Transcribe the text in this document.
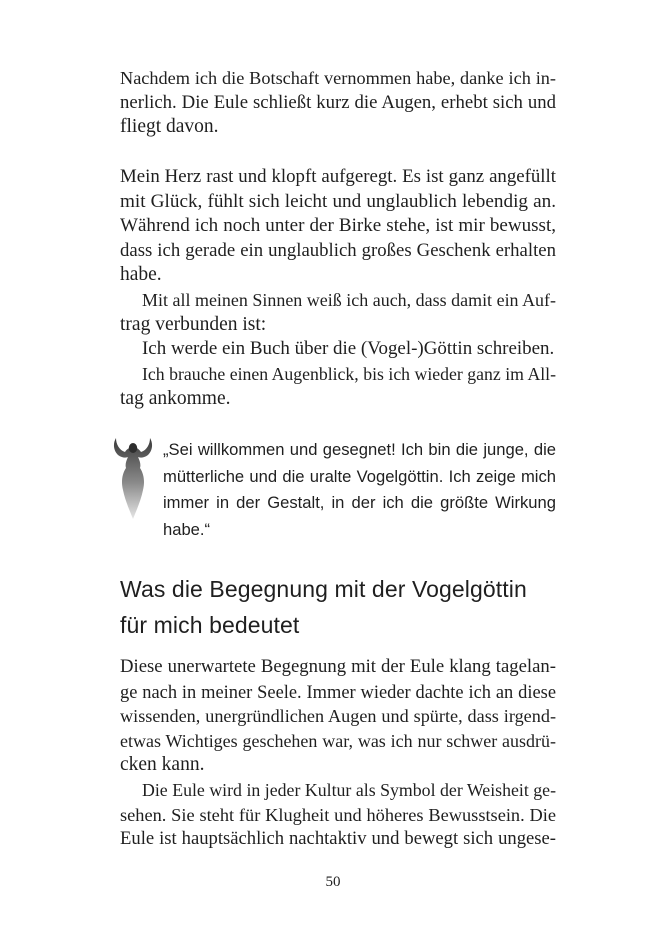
Nachdem ich die Botschaft vernommen habe, danke ich in-
nerlich. Die Eule schließt kurz die Augen, erhebt sich und
fliegt davon.
Mein Herz rast und klopft aufgeregt. Es ist ganz angefüllt
mit Glück, fühlt sich leicht und unglaublich lebendig an.
Während ich noch unter der Birke stehe, ist mir bewusst,
dass ich gerade ein unglaublich großes Geschenk erhalten
habe.
Mit all meinen Sinnen weiß ich auch, dass damit ein Auf-
trag verbunden ist:
Ich werde ein Buch über die (Vogel-)Göttin schreiben.
Ich brauche einen Augenblick, bis ich wieder ganz im All-
tag ankomme.
„Sei willkommen und gesegnet! Ich bin die junge, die
mütterliche und die uralte Vogelgöttin. Ich zeige mich
immer in der Gestalt, in der ich die größte Wirkung
habe.“
Was die Begegnung mit der Vogelgöttin
für mich bedeutet
Diese unerwartete Begegnung mit der Eule klang tagelan-
ge nach in meiner Seele. Immer wieder dachte ich an diese
wissenden, unergründlichen Augen und spürte, dass irgend-
etwas Wichtiges geschehen war, was ich nur schwer ausdrü-
cken kann.
Die Eule wird in jeder Kultur als Symbol der Weisheit ge-
sehen. Sie steht für Klugheit und höheres Bewusstsein. Die
Eule ist hauptsächlich nachtaktiv und bewegt sich ungese-
50
